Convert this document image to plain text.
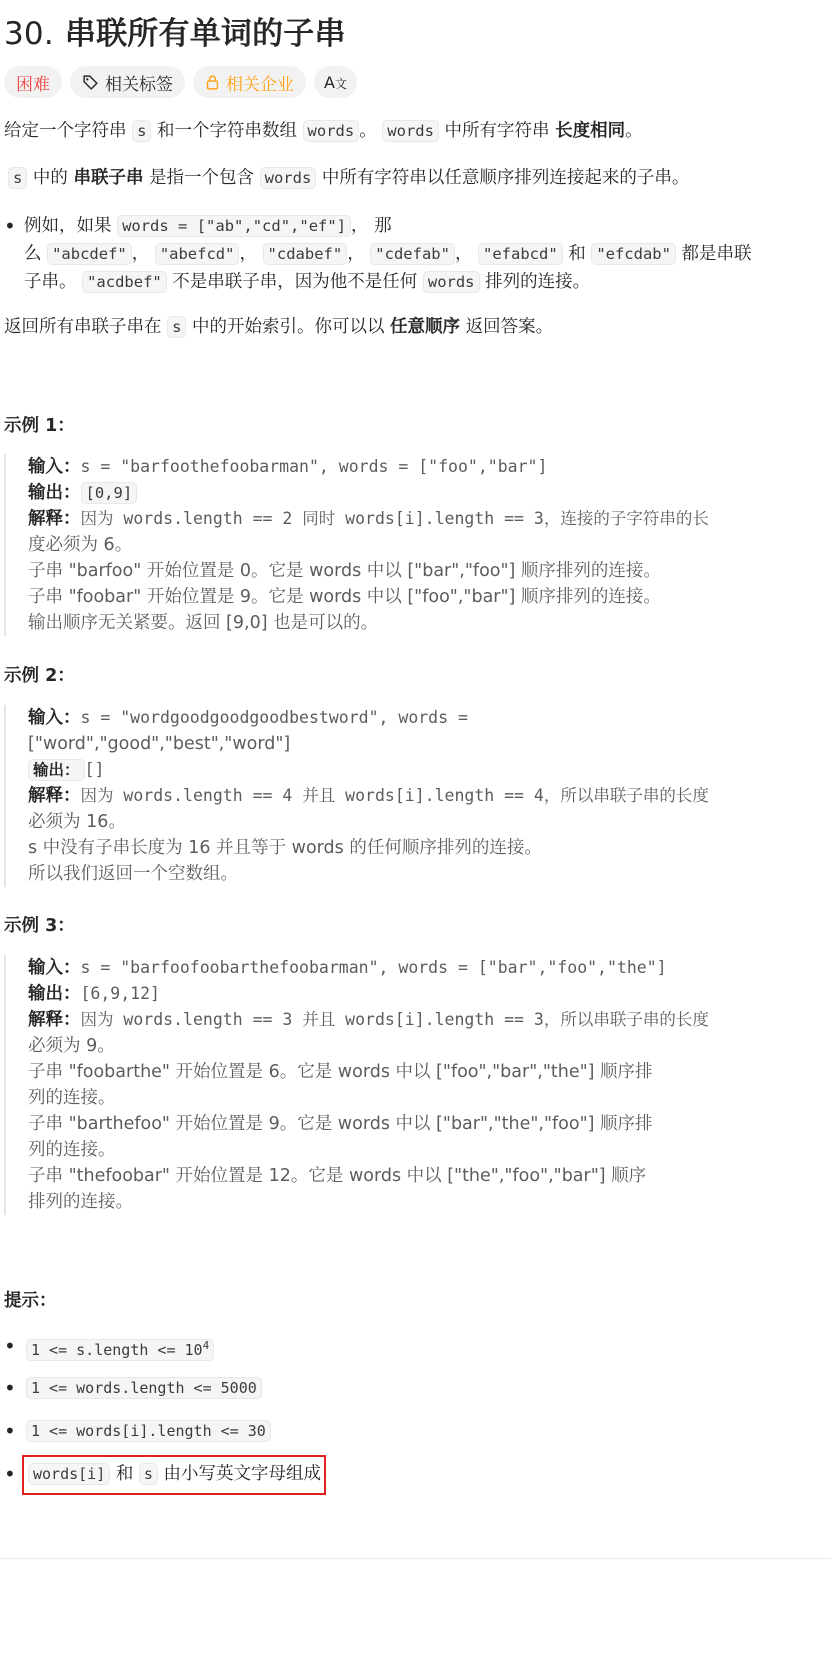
30. 串联所有单词的子串
困难	相关标签	相关企业 A文

给定一个字符串 s 和一个字符串数组 words 。 words 中所有字符串 长度相同。

s 中的 串联子串 是指一个包含 words 中所有字符串以任意顺序排列连接起来的子串。

• 例如，如果 words = ["ab","cd","ef"] ， 那
么 "abcdef" ， "abefcd" ， "cdabef" ， "cdefab" ， "efabcd" 和 "efcdab" 都是串联
子串。 "acdbef" 不是串联子串，因为他不是任何 words 排列的连接。

返回所有串联子串在 s 中的开始索引。你可以以 任意顺序 返回答案。

示例 1：
输入：s = "barfoothefoobarman", words = ["foo","bar"]
输出： [0,9]
解释：因为 words.length == 2 同时 words[i].length == 3，连接的子字符串的长
度必须为 6。
子串 "barfoo" 开始位置是 0。它是 words 中以 ["bar","foo"] 顺序排列的连接。
子串 "foobar" 开始位置是 9。它是 words 中以 ["foo","bar"] 顺序排列的连接。
输出顺序无关紧要。返回 [9,0] 也是可以的。
示例 2：
输入：s = "wordgoodgoodgoodbestword", words =
["word","good","best","word"]
输出： []
解释：因为 words.length == 4 并且 words[i].length == 4，所以串联子串的长度
必须为 16。
s 中没有子串长度为 16 并且等于 words 的任何顺序排列的连接。
所以我们返回一个空数组。
示例 3：
输入：s = "barfoofoobarthefoobarman", words = ["bar","foo","the"]
输出：[6,9,12]
解释：因为 words.length == 3 并且 words[i].length == 3，所以串联子串的长度
必须为 9。
子串 "foobarthe" 开始位置是 6。它是 words 中以 ["foo","bar","the"] 顺序排
列的连接。
子串 "barthefoo" 开始位置是 9。它是 words 中以 ["bar","the","foo"] 顺序排
列的连接。
子串 "thefoobar" 开始位置是 12。它是 words 中以 ["the","foo","bar"] 顺序
排列的连接。
提示：
•	1 <= s.length <= $10^4$
•	1 <= words.length <= 5000
•	1 <= words[i].length <= 30
•	words[i] 和 s 由小写英文字母组成
